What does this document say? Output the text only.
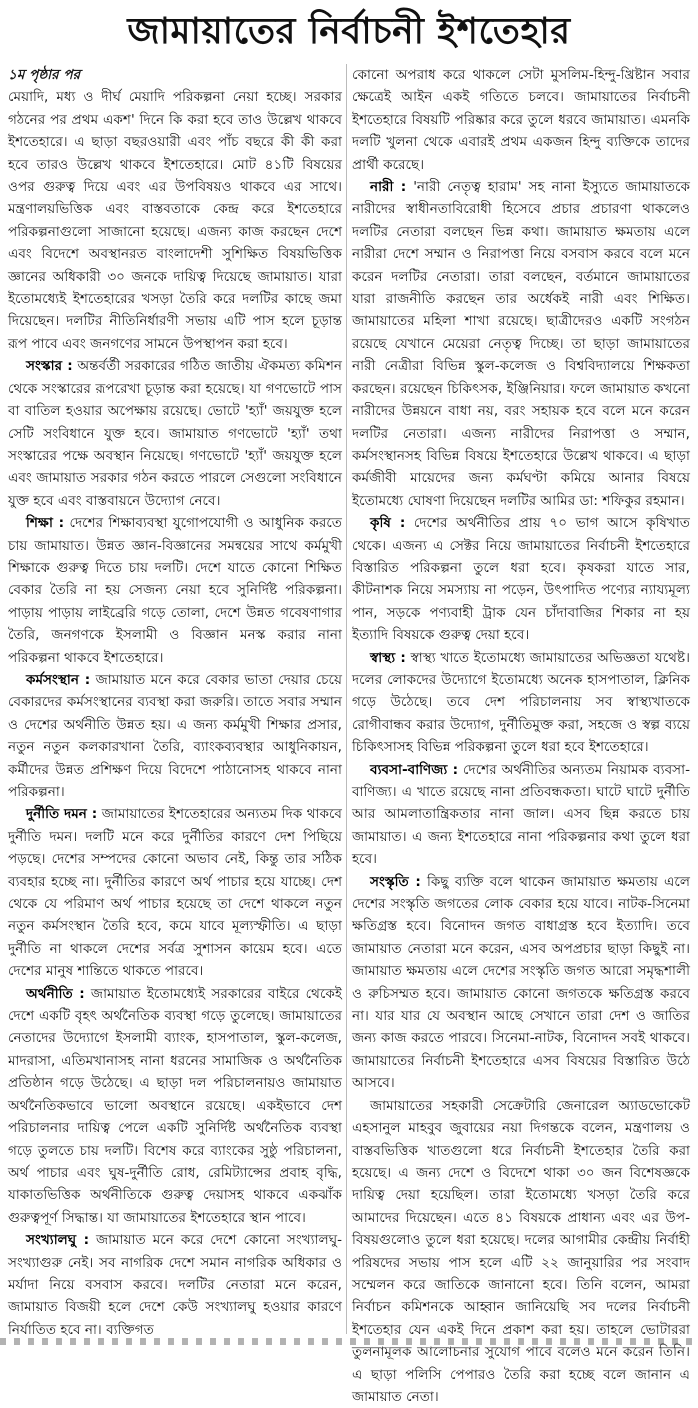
জামায়াতের নির্বাচনী ইশতেহার
১ম পৃষ্ঠার পর

মেয়াদি, মধ্য ও দীর্ঘ মেয়াদি পরিকল্পনা নেয়া হচ্ছে। সরকার গঠনের পর প্রথম একশ' দিনে কি করা হবে তাও উল্লেখ থাকবে ইশতেহারে। এ ছাড়া বছরওয়ারী এবং পাঁচ বছরে কী কী করা হবে তারও উল্লেখ থাকবে ইশতেহারে। মোট ৪১টি বিষয়ের ওপর গুরুত্ব দিয়ে এবং এর উপবিষয়ও থাকবে এর সাথে। মন্ত্রণালয়ভিত্তিক এবং বাস্তবতাকে কেন্দ্র করে ইশতেহারে পরিকল্পনাগুলো সাজানো হয়েছে। এজন্য কাজ করছেন দেশে এবং বিদেশে অবস্থানরত বাংলাদেশী সুশিক্ষিত বিষয়ভিত্তিক জ্ঞানের অধিকারী ৩০ জনকে দায়িত্ব দিয়েছে জামায়াত। যারা ইতোমধ্যেই ইশতেহারের খসড়া তৈরি করে দলটির কাছে জমা দিয়েছেন। দলটির নীতিনির্ধারণী সভায় এটি পাস হলে চূড়ান্ত রূপ পাবে এবং জনগণের সামনে উপস্থাপন করা হবে।

সংস্কার : অন্তর্বর্তী সরকারের গঠিত জাতীয় ঐকমত্য কমিশন থেকে সংস্কারের রূপরেখা চূড়ান্ত করা হয়েছে। যা গণভোটে পাস বা বাতিল হওয়ার অপেক্ষায় রয়েছে। ভোটে 'হ্যাঁ' জয়যুক্ত হলে সেটি সংবিধানে যুক্ত হবে। জামায়াত গণভোটে 'হ্যাঁ' তথা সংস্কারের পক্ষে অবস্থান নিয়েছে। গণভোটে 'হ্যাঁ' জয়যুক্ত হলে এবং জামায়াত সরকার গঠন করতে পারলে সেগুলো সংবিধানে যুক্ত হবে এবং বাস্তবায়নে উদ্যোগ নেবে।

শিক্ষা : দেশের শিক্ষাব্যবস্থা যুগোপযোগী ও আধুনিক করতে চায় জামায়াত। উন্নত জ্ঞান-বিজ্ঞানের সমন্বয়ের সাথে কর্মমুখী শিক্ষাকে গুরুত্ব দিতে চায় দলটি। দেশে যাতে কোনো শিক্ষিত বেকার তৈরি না হয় সেজন্য নেয়া হবে সুনির্দিষ্ট পরিকল্পনা। পাড়ায় পাড়ায় লাইব্রেরি গড়ে তোলা, দেশে উন্নত গবেষণাগার তৈরি, জনগণকে ইসলামী ও বিজ্ঞান মনস্ক করার নানা পরিকল্পনা থাকবে ইশতেহারে।

কর্মসংস্থান : জামায়াত মনে করে বেকার ভাতা দেয়ার চেয়ে বেকারদের কর্মসংস্থানের ব্যবস্থা করা জরুরি। তাতে সবার সম্মান ও দেশের অর্থনীতি উন্নত হয়। এ জন্য কর্মমুখী শিক্ষার প্রসার, নতুন নতুন কলকারখানা তৈরি, ব্যাংকব্যবস্থার আধুনিকায়ন, কর্মীদের উন্নত প্রশিক্ষণ দিয়ে বিদেশে পাঠানোসহ থাকবে নানা পরিকল্পনা।

দুর্নীতি দমন : জামায়াতের ইশতেহারের অন্যতম দিক থাকবে দুর্নীতি দমন। দলটি মনে করে দুর্নীতির কারণে দেশ পিছিয়ে পড়ছে। দেশের সম্পদের কোনো অভাব নেই, কিন্তু তার সঠিক ব্যবহার হচ্ছে না। দুর্নীতির কারণে অর্থ পাচার হয়ে যাচ্ছে। দেশ থেকে যে পরিমাণ অর্থ পাচার হয়েছে তা দেশে থাকলে নতুন নতুন কর্মসংস্থান তৈরি হবে, কমে যাবে মূল্যস্ফীতি। এ ছাড়া দুর্নীতি না থাকলে দেশের সর্বত্র সুশাসন কায়েম হবে। এতে দেশের মানুষ শান্তিতে থাকতে পারবে।

অর্থনীতি : জামায়াত ইতোমধ্যেই সরকারের বাইরে থেকেই দেশে একটি বৃহৎ অর্থনৈতিক ব্যবস্থা গড়ে তুলেছে। জামায়াতের নেতাদের উদ্যোগে ইসলামী ব্যাংক, হাসপাতাল, স্কুল-কলেজ, মাদরাসা, এতিমখানাসহ নানা ধরনের সামাজিক ও অর্থনৈতিক প্রতিষ্ঠান গড়ে উঠেছে। এ ছাড়া দল পরিচালনায়ও জামায়াত অর্থনৈতিকভাবে ভালো অবস্থানে রয়েছে। একইভাবে দেশ পরিচালনার দায়িত্ব পেলে একটি সুনির্দিষ্ট অর্থনৈতিক ব্যবস্থা গড়ে তুলতে চায় দলটি। বিশেষ করে ব্যাংকের সুষ্ঠু পরিচালনা, অর্থ পাচার এবং ঘুষ-দুর্নীতি রোধ, রেমিট্যান্সের প্রবাহ বৃদ্ধি, যাকাতভিত্তিক অর্থনীতিকে গুরুত্ব দেয়াসহ থাকবে একঝাঁক গুরুত্বপূর্ণ সিদ্ধান্ত। যা জামায়াতের ইশতেহারে স্থান পাবে।

সংখ্যালঘু : জামায়াত মনে করে দেশে কোনো সংখ্যালঘু-সংখ্যাগুরু নেই। সব নাগরিক দেশে সমান নাগরিক অধিকার ও মর্যাদা নিয়ে বসবাস করবে। দলটির নেতারা মনে করেন, জামায়াত বিজয়ী হলে দেশে কেউ সংখ্যালঘু হওয়ার কারণে নির্যাতিত হবে না। ব্যক্তিগত

কোনো অপরাধ করে থাকলে সেটা মুসলিম-হিন্দু-খ্রিষ্টান সবার ক্ষেত্রেই আইন একই গতিতে চলবে। জামায়াতের নির্বাচনী ইশতেহারে বিষয়টি পরিষ্কার করে তুলে ধরবে জামায়াত। এমনকি দলটি খুলনা থেকে এবারই প্রথম একজন হিন্দু ব্যক্তিকে তাদের প্রার্থী করেছে।

নারী : 'নারী নেতৃত্ব হারাম' সহ নানা ইস্যুতে জামায়াতকে নারীদের স্বাধীনতাবিরোধী হিসেবে প্রচার প্রচারণা থাকলেও দলটির নেতারা বলছেন ভিন্ন কথা। জামায়াত ক্ষমতায় এলে নারীরা দেশে সম্মান ও নিরাপত্তা নিয়ে বসবাস করবে বলে মনে করেন দলটির নেতারা। তারা বলছেন, বর্তমানে জামায়াতের যারা রাজনীতি করছেন তার অর্ধেকই নারী এবং শিক্ষিত। জামায়াতের মহিলা শাখা রয়েছে। ছাত্রীদেরও একটি সংগঠন রয়েছে যেখানে মেয়েরা নেতৃত্ব দিচ্ছে। তা ছাড়া জামায়াতের নারী নেত্রীরা বিভিন্ন স্কুল-কলেজ ও বিশ্ববিদ্যালয়ে শিক্ষকতা করছেন। রয়েছেন চিকিৎসক, ইঞ্জিনিয়ার। ফলে জামায়াত কখনো নারীদের উন্নয়নে বাধা নয়, বরং সহায়ক হবে বলে মনে করেন দলটির নেতারা। এজন্য নারীদের নিরাপত্তা ও সম্মান, কর্মসংস্থানসহ বিভিন্ন বিষয়ে ইশতেহারে উল্লেখ থাকবে। এ ছাড়া কর্মজীবী মায়েদের জন্য কর্মঘণ্টা কমিয়ে আনার বিষয়ে ইতোমধ্যে ঘোষণা দিয়েছেন দলটির আমির ডা: শফিকুর রহমান।

কৃষি : দেশের অর্থনীতির প্রায় ৭০ ভাগ আসে কৃষিখাত থেকে। এজন্য এ সেক্টর নিয়ে জামায়াতের নির্বাচনী ইশতেহারে বিস্তারিত পরিকল্পনা তুলে ধরা হবে। কৃষকরা যাতে সার, কীটনাশক নিয়ে সমস্যায় না পড়েন, উৎপাদিত পণ্যের ন্যায্যমূল্য পান, সড়কে পণ্যবাহী ট্রাক যেন চাঁদাবাজির শিকার না হয় ইত্যাদি বিষয়কে গুরুত্ব দেয়া হবে।

স্বাস্থ্য : স্বাস্থ্য খাতে ইতোমধ্যে জামায়াতের অভিজ্ঞতা যথেষ্ট। দলের লোকদের উদ্যোগে ইতোমধ্যে অনেক হাসপাতাল, ক্লিনিক গড়ে উঠেছে। তবে দেশ পরিচালনায় সব স্বাস্থ্যখাতকে রোগীবান্ধব করার উদ্যোগ, দুর্নীতিমুক্ত করা, সহজে ও স্বল্প ব্যয়ে চিকিৎসাসহ বিভিন্ন পরিকল্পনা তুলে ধরা হবে ইশতেহারে।

ব্যবসা-বাণিজ্য : দেশের অর্থনীতির অন্যতম নিয়ামক ব্যবসা-বাণিজ্য। এ খাতে রয়েছে নানা প্রতিবন্ধকতা। ঘাটে ঘাটে দুর্নীতি আর আমলাতান্ত্রিকতার নানা জাল। এসব ছিন্ন করতে চায় জামায়াত। এ জন্য ইশতেহারে নানা পরিকল্পনার কথা তুলে ধরা হবে।

সংস্কৃতি : কিছু ব্যক্তি বলে থাকেন জামায়াত ক্ষমতায় এলে দেশের সংস্কৃতি জগতের লোক বেকার হয়ে যাবে। নাটক-সিনেমা ক্ষতিগ্রস্ত হবে। বিনোদন জগত বাধাগ্রস্ত হবে ইত্যাদি। তবে জামায়াত নেতারা মনে করেন, এসব অপপ্রচার ছাড়া কিছুই না। জামায়াত ক্ষমতায় এলে দেশের সংস্কৃতি জগত আরো সমৃদ্ধশালী ও রুচিসম্মত হবে। জামায়াত কোনো জগতকে ক্ষতিগ্রস্ত করবে না। যার যার যে অবস্থান আছে সেখানে তারা দেশ ও জাতির জন্য কাজ করতে পারবে। সিনেমা-নাটক, বিনোদন সবই থাকবে। জামায়াতের নির্বাচনী ইশতেহারে এসব বিষয়ের বিস্তারিত উঠে আসবে।

জামায়াতের সহকারী সেক্রেটারি জেনারেল অ্যাডভোকেট এহসানুল মাহবুব জুবায়ের নয়া দিগন্তকে বলেন, মন্ত্রণালয় ও বাস্তবভিত্তিক খাতগুলো ধরে নির্বাচনী ইশতেহার তৈরি করা হয়েছে। এ জন্য দেশে ও বিদেশে থাকা ৩০ জন বিশেষজ্ঞকে দায়িত্ব দেয়া হয়েছিল। তারা ইতোমধ্যে খসড়া তৈরি করে আমাদের দিয়েছেন। এতে ৪১ বিষয়কে প্রাধান্য এবং এর উপ-বিষয়গুলোও তুলে ধরা হয়েছে। দলের আগামীর কেন্দ্রীয় নির্বাহী পরিষদের সভায় পাস হলে এটি ২২ জানুয়ারির পর সংবাদ সম্মেলন করে জাতিকে জানানো হবে। তিনি বলেন, আমরা নির্বাচন কমিশনকে আহ্বান জানিয়েছি সব দলের নির্বাচনী ইশতেহার যেন একই দিনে প্রকাশ করা হয়। তাহলে ভোটাররা তুলনামূলক আলোচনার সুযোগ পাবে বলেও মনে করেন তিনি। এ ছাড়া পলিসি পেপারও তৈরি করা হচ্ছে বলে জানান এ জামায়াত নেতা।
